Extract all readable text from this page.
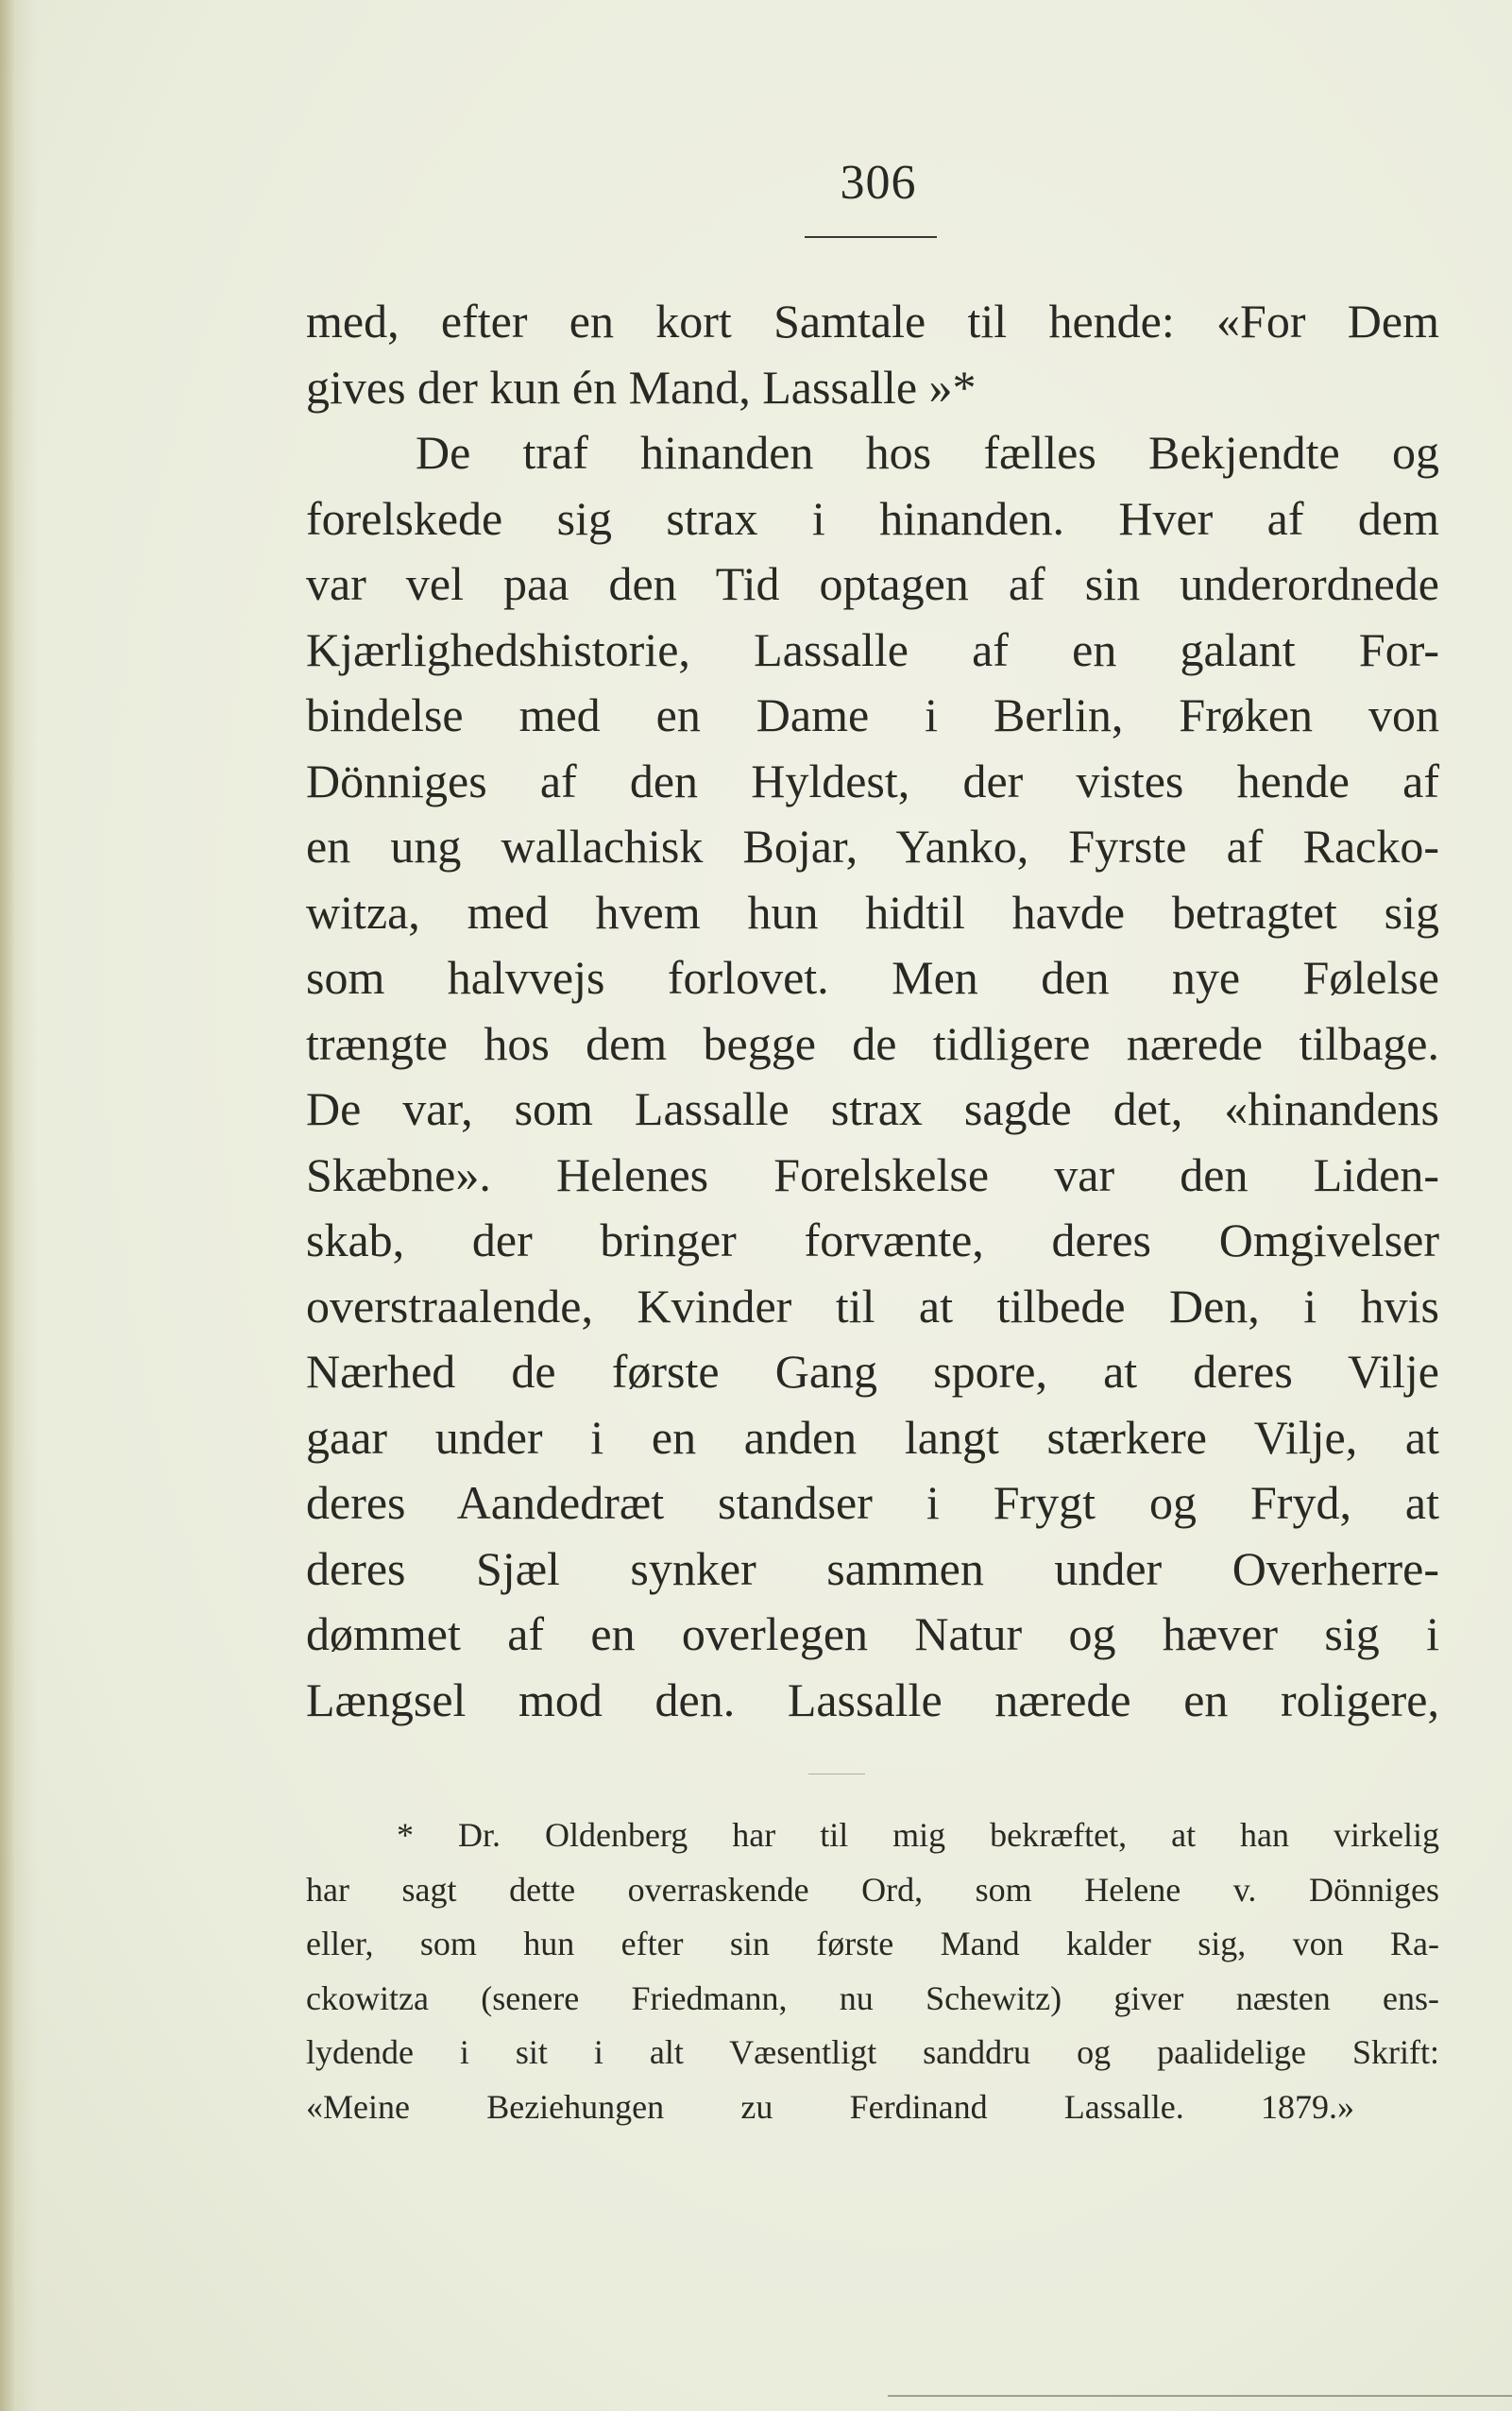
306
med, efter en kort Samtale til hende: «For Dem
gives der kun én Mand, Lassalle »*
De traf hinanden hos fælles Bekjendte og
forelskede sig strax i hinanden. Hver af dem
var vel paa den Tid optagen af sin underordnede
Kjærlighedshistorie, Lassalle af en galant For-
bindelse med en Dame i Berlin, Frøken von
Dönniges af den Hyldest, der vistes hende af
en ung wallachisk Bojar, Yanko, Fyrste af Racko-
witza, med hvem hun hidtil havde betragtet sig
som halvvejs forlovet. Men den nye Følelse
trængte hos dem begge de tidligere nærede tilbage.
De var, som Lassalle strax sagde det, «hinandens
Skæbne». Helenes Forelskelse var den Liden-
skab, der bringer forvænte, deres Omgivelser
overstraalende, Kvinder til at tilbede Den, i hvis
Nærhed de første Gang spore, at deres Vilje
gaar under i en anden langt stærkere Vilje, at
deres Aandedræt standser i Frygt og Fryd, at
deres Sjæl synker sammen under Overherre-
dømmet af en overlegen Natur og hæver sig i
Længsel mod den. Lassalle nærede en roligere,
* Dr. Oldenberg har til mig bekræftet, at han virkelig
har sagt dette overraskende Ord, som Helene v. Dönniges
eller, som hun efter sin første Mand kalder sig, von Ra-
ckowitza (senere Friedmann, nu Schewitz) giver næsten ens-
lydende i sit i alt Væsentligt sanddru og paalidelige Skrift:
«Meine Beziehungen zu Ferdinand Lassalle. 1879.»
